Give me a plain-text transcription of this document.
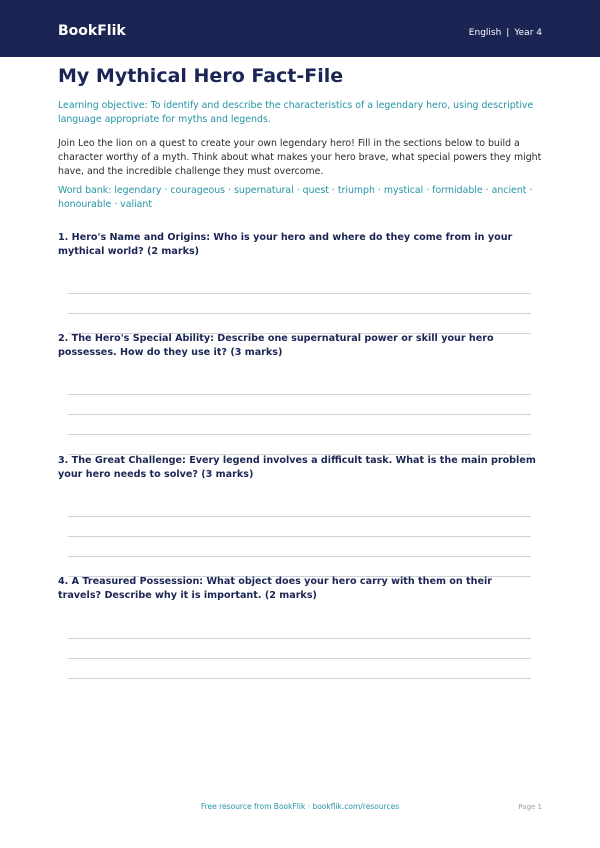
BookFlik	English | Year 4
My Mythical Hero Fact-File

Learning objective: To identify and describe the characteristics of a legendary hero, using descriptive language appropriate for myths and legends.

Join Leo the lion on a quest to create your own legendary hero! Fill in the sections below to build a character worthy of a myth. Think about what makes your hero brave, what special powers they might have, and the incredible challenge they must overcome.

Word bank: legendary · courageous · supernatural · quest · triumph · mystical · formidable · ancient · honourable · valiant

1. Hero's Name and Origins: Who is your hero and where do they come from in your mythical world? (2 marks)

2. The Hero's Special Ability: Describe one supernatural power or skill your hero possesses. How do they use it? (3 marks)

3. The Great Challenge: Every legend involves a difficult task. What is the main problem your hero needs to solve? (3 marks)

4. A Treasured Possession: What object does your hero carry with them on their travels? Describe why it is important. (2 marks)

Free resource from BookFlik · bookflik.com/resources	Page 1
